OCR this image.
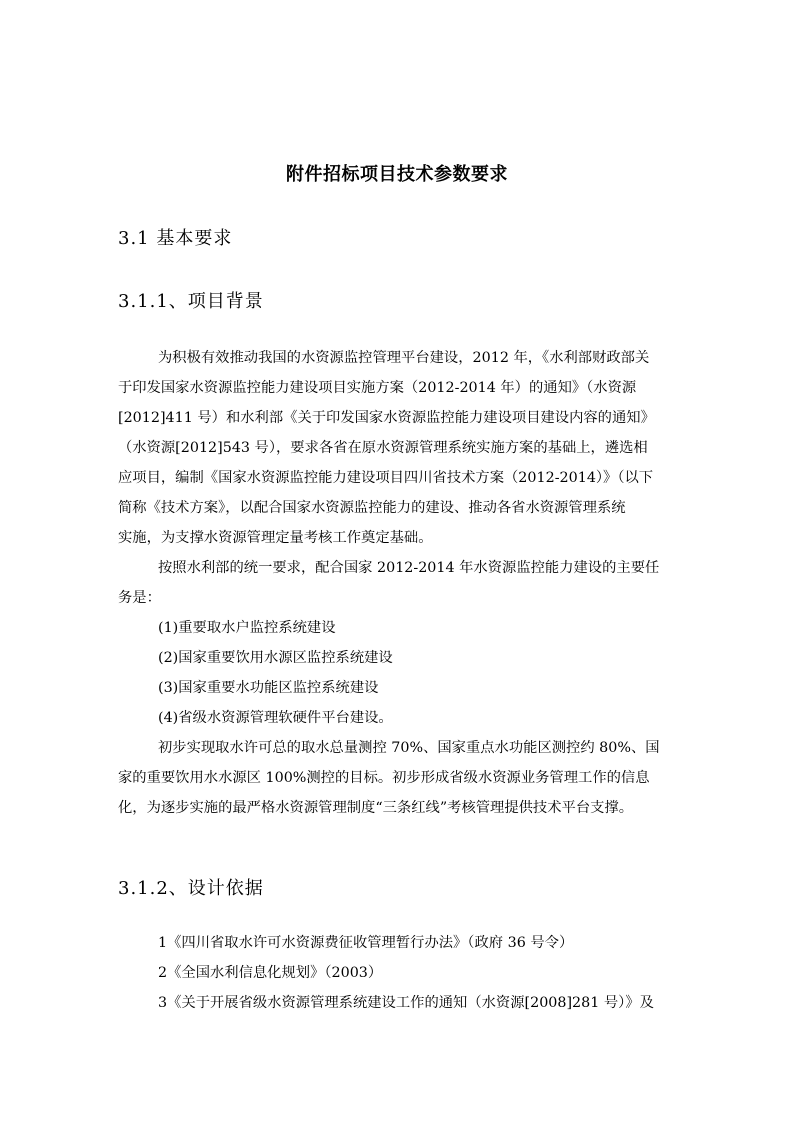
附件招标项目技术参数要求
3.1 基本要求
3.1.1、项目背景
为积极有效推动我国的水资源监控管理平台建设，2012 年，《水利部财政部关
于印发国家水资源监控能力建设项目实施方案（2012-2014 年）的通知》（水资源
[2012]411 号）和水利部《关于印发国家水资源监控能力建设项目建设内容的通知》
（水资源[2012]543 号），要求各省在原水资源管理系统实施方案的基础上，遴选相
应项目，编制《国家水资源监控能力建设项目四川省技术方案（2012-2014）》（以下
简称《技术方案》，以配合国家水资源监控能力的建设、推动各省水资源管理系统
实施，为支撑水资源管理定量考核工作奠定基础。
按照水利部的统一要求，配合国家 2012-2014 年水资源监控能力建设的主要任
务是：
(1)重要取水户监控系统建设
(2)国家重要饮用水源区监控系统建设
(3)国家重要水功能区监控系统建设
(4)省级水资源管理软硬件平台建设。
初步实现取水许可总的取水总量测控 70%、国家重点水功能区测控约 80%、国
家的重要饮用水水源区 100%测控的目标。初步形成省级水资源业务管理工作的信息
化，为逐步实施的最严格水资源管理制度“三条红线”考核管理提供技术平台支撑。
3.1.2、设计依据
1《四川省取水许可水资源费征收管理暂行办法》（政府 36 号令）
2《全国水利信息化规划》（2003）
3《关于开展省级水资源管理系统建设工作的通知（水资源[2008]281 号）》及
